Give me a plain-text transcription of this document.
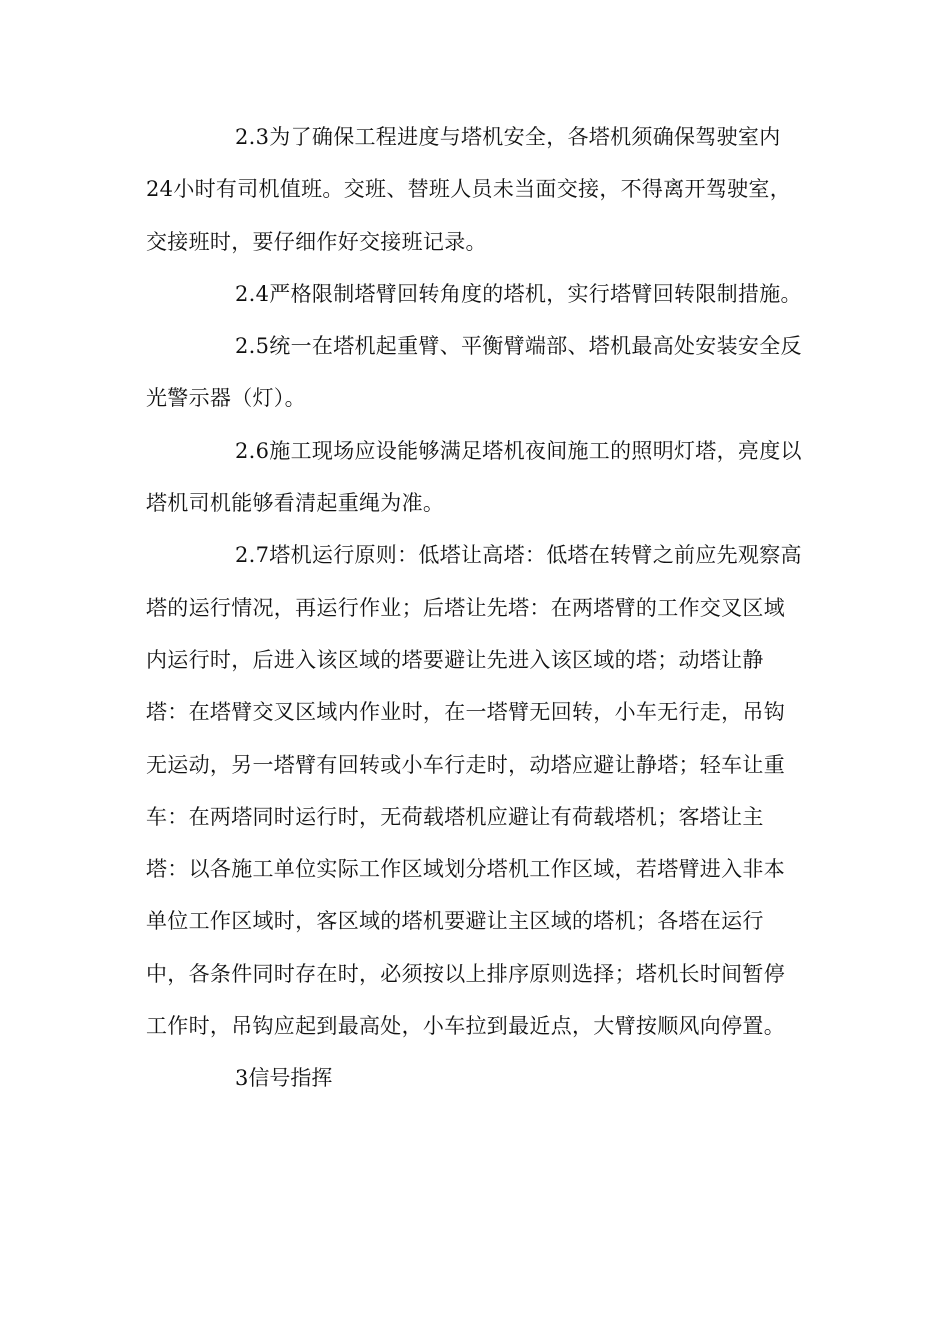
2.3为了确保工程进度与塔机安全，各塔机须确保驾驶室内24小时有司机值班。交班、替班人员未当面交接，不得离开驾驶室，交接班时，要仔细作好交接班记录。

2.4严格限制塔臂回转角度的塔机，实行塔臂回转限制措施。

2.5统一在塔机起重臂、平衡臂端部、塔机最高处安装安全反光警示器（灯）。

2.6施工现场应设能够满足塔机夜间施工的照明灯塔，亮度以塔机司机能够看清起重绳为准。

2.7塔机运行原则：低塔让高塔：低塔在转臂之前应先观察高塔的运行情况，再运行作业；后塔让先塔：在两塔臂的工作交叉区域内运行时，后进入该区域的塔要避让先进入该区域的塔；动塔让静塔：在塔臂交叉区域内作业时，在一塔臂无回转，小车无行走，吊钩无运动，另一塔臂有回转或小车行走时，动塔应避让静塔；轻车让重车：在两塔同时运行时，无荷载塔机应避让有荷载塔机；客塔让主塔：以各施工单位实际工作区域划分塔机工作区域，若塔臂进入非本单位工作区域时，客区域的塔机要避让主区域的塔机；各塔在运行中，各条件同时存在时，必须按以上排序原则选择；塔机长时间暂停工作时，吊钩应起到最高处，小车拉到最近点，大臂按顺风向停置。

3信号指挥
